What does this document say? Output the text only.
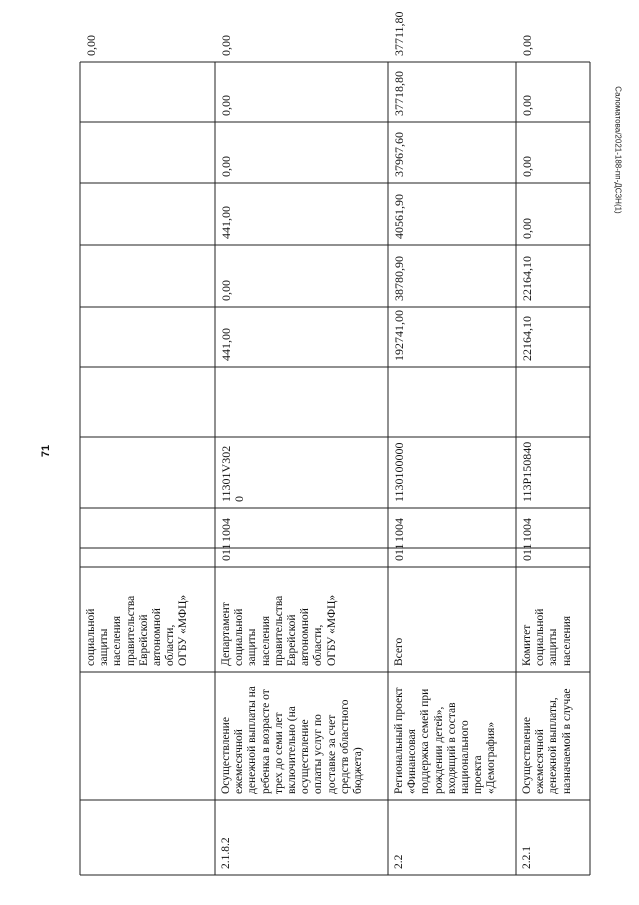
71
Саломатова/2021-188-пп-ДСЗН(1)
социальной
защиты
населения
правительства
Еврейской
автономной
области,
ОГБУ «МФЦ»
0,00
2.1.8.2
Осуществление
ежемесячной
денежной выплаты на
ребенка в возрасте от
трех до семи лет
включительно (на
осуществление
оплаты услуг по
доставке за счет
средств областного
бюджета)
Департамент
социальной
защиты
населения
правительства
Еврейской
автономной
области,
ОГБУ «МФЦ»
011
1004
11301V302
0
441,00
0,00
441,00
0,00
0,00
0,00
2.2
Региональный проект
«Финансовая
поддержка семей при
рождении детей»,
входящий в состав
национального
проекта
«Демография»
Всего
011
1004
1130100000
192741,00
38780,90
40561,90
37967,60
37718,80
37711,80
2.2.1
Осуществление
ежемесячной
денежной выплаты,
назначаемой в случае
Комитет
социальной
защиты
населения
011
1004
113P150840
22164,10
22164,10
0,00
0,00
0,00
0,00
